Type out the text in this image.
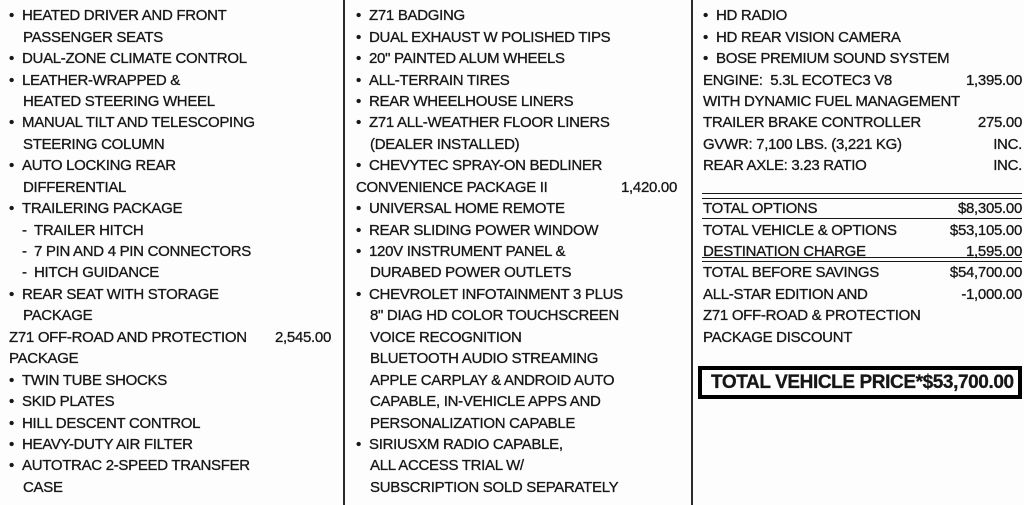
• HEATED DRIVER AND FRONT
PASSENGER SEATS
• DUAL-ZONE CLIMATE CONTROL
• LEATHER-WRAPPED &
HEATED STEERING WHEEL
• MANUAL TILT AND TELESCOPING
STEERING COLUMN
• AUTO LOCKING REAR
DIFFERENTIAL
• TRAILERING PACKAGE
- TRAILER HITCH
- 7 PIN AND 4 PIN CONNECTORS
- HITCH GUIDANCE
• REAR SEAT WITH STORAGE
PACKAGE
Z71 OFF-ROAD AND PROTECTION	2,545.00
PACKAGE
• TWIN TUBE SHOCKS
• SKID PLATES
• HILL DESCENT CONTROL
• HEAVY-DUTY AIR FILTER
• AUTOTRAC 2-SPEED TRANSFER
CASE
• Z71 BADGING
• DUAL EXHAUST W POLISHED TIPS
• 20" PAINTED ALUM WHEELS
• ALL-TERRAIN TIRES
• REAR WHEELHOUSE LINERS
• Z71 ALL-WEATHER FLOOR LINERS
(DEALER INSTALLED)
• CHEVYTEC SPRAY-ON BEDLINER
CONVENIENCE PACKAGE II	1,420.00
• UNIVERSAL HOME REMOTE
• REAR SLIDING POWER WINDOW
• 120V INSTRUMENT PANEL &
DURABED POWER OUTLETS
• CHEVROLET INFOTAINMENT 3 PLUS
8" DIAG HD COLOR TOUCHSCREEN
VOICE RECOGNITION
BLUETOOTH AUDIO STREAMING
APPLE CARPLAY & ANDROID AUTO
CAPABLE, IN-VEHICLE APPS AND
PERSONALIZATION CAPABLE
• SIRIUSXM RADIO CAPABLE,
ALL ACCESS TRIAL W/
SUBSCRIPTION SOLD SEPARATELY
• HD RADIO
• HD REAR VISION CAMERA
• BOSE PREMIUM SOUND SYSTEM
ENGINE:  5.3L ECOTEC3 V8	1,395.00
WITH DYNAMIC FUEL MANAGEMENT
TRAILER BRAKE CONTROLLER	275.00
GVWR: 7,100 LBS. (3,221 KG)	INC.
REAR AXLE: 3.23 RATIO	INC.
TOTAL OPTIONS	$8,305.00
TOTAL VEHICLE & OPTIONS	$53,105.00
DESTINATION CHARGE	1,595.00
TOTAL BEFORE SAVINGS	$54,700.00
ALL-STAR EDITION AND	-1,000.00
Z71 OFF-ROAD & PROTECTION
PACKAGE DISCOUNT
TOTAL VEHICLE PRICE* $53,700.00
